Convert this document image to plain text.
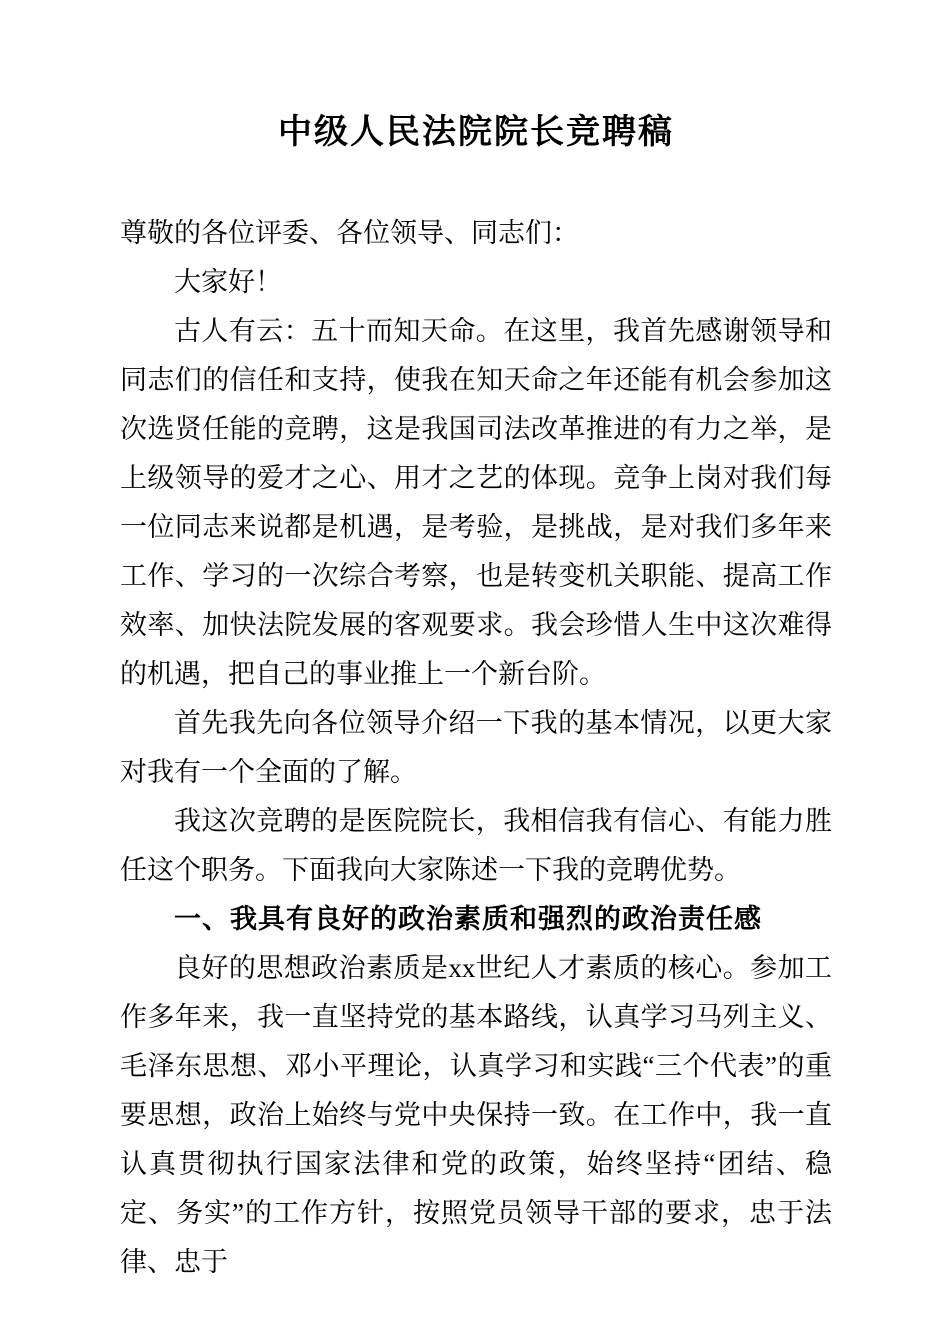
中级人民法院院长竞聘稿

尊敬的各位评委、各位领导、同志们：

大家好！

古人有云：五十而知天命。在这里，我首先感谢领导和同志们的信任和支持，使我在知天命之年还能有机会参加这次选贤任能的竞聘，这是我国司法改革推进的有力之举，是上级领导的爱才之心、用才之艺的体现。竞争上岗对我们每一位同志来说都是机遇，是考验，是挑战，是对我们多年来工作、学习的一次综合考察，也是转变机关职能、提高工作效率、加快法院发展的客观要求。我会珍惜人生中这次难得的机遇，把自己的事业推上一个新台阶。

首先我先向各位领导介绍一下我的基本情况，以更大家对我有一个全面的了解。

我这次竞聘的是医院院长，我相信我有信心、有能力胜任这个职务。下面我向大家陈述一下我的竞聘优势。

一、我具有良好的政治素质和强烈的政治责任感

良好的思想政治素质是xx世纪人才素质的核心。参加工作多年来，我一直坚持党的基本路线，认真学习马列主义、毛泽东思想、邓小平理论，认真学习和实践“三个代表”的重要思想，政治上始终与党中央保持一致。在工作中，我一直认真贯彻执行国家法律和党的政策，始终坚持“团结、稳定、务实”的工作方针，按照党员领导干部的要求，忠于法律、忠于
